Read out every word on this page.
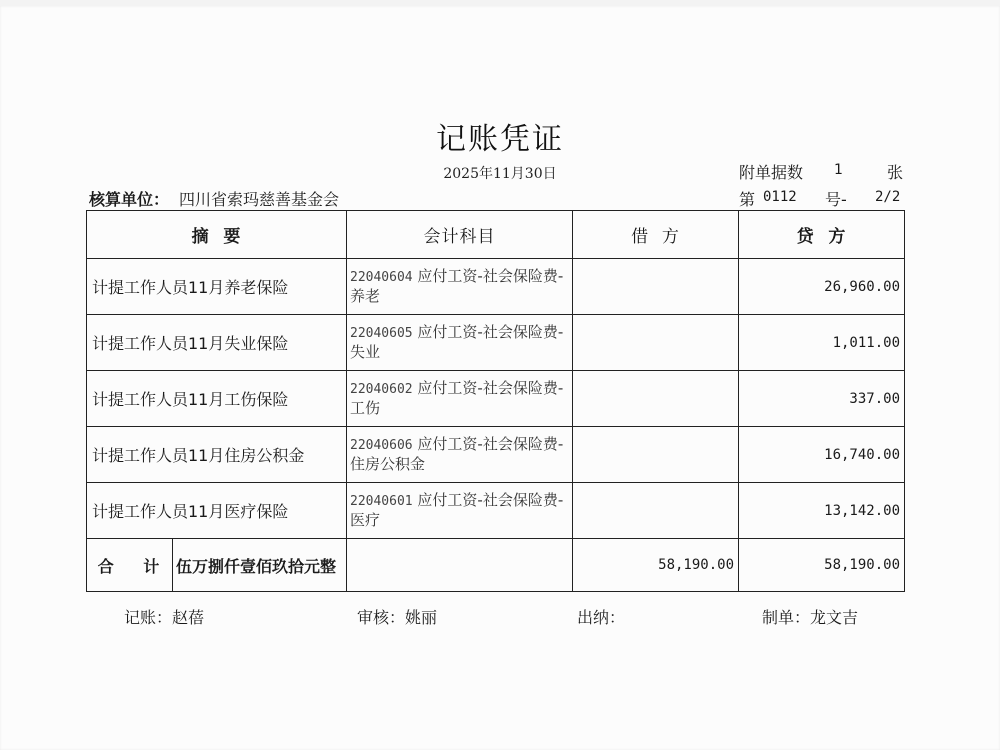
记账凭证
2025年11月30日	附单据数 1	张
核算单位： 四川省索玛慈善基金会	第 0112 号- 2/2
摘  要	会计科目	借  方	贷  方
计提工作人员11月养老保险	22040604 应付工资-社会保险费-养老		26,960.00
计提工作人员11月失业保险	22040605 应付工资-社会保险费-失业		1,011.00
计提工作人员11月工伤保险	22040602 应付工资-社会保险费-工伤		337.00
计提工作人员11月住房公积金	22040606 应付工资-社会保险费-住房公积金		16,740.00
计提工作人员11月医疗保险	22040601 应付工资-社会保险费-医疗		13,142.00

合 计 伍万捌仟壹佰玖拾元整		58,190.00	58,190.00
记账：赵蓓	审核：姚丽	出纳：	制单：龙文吉
